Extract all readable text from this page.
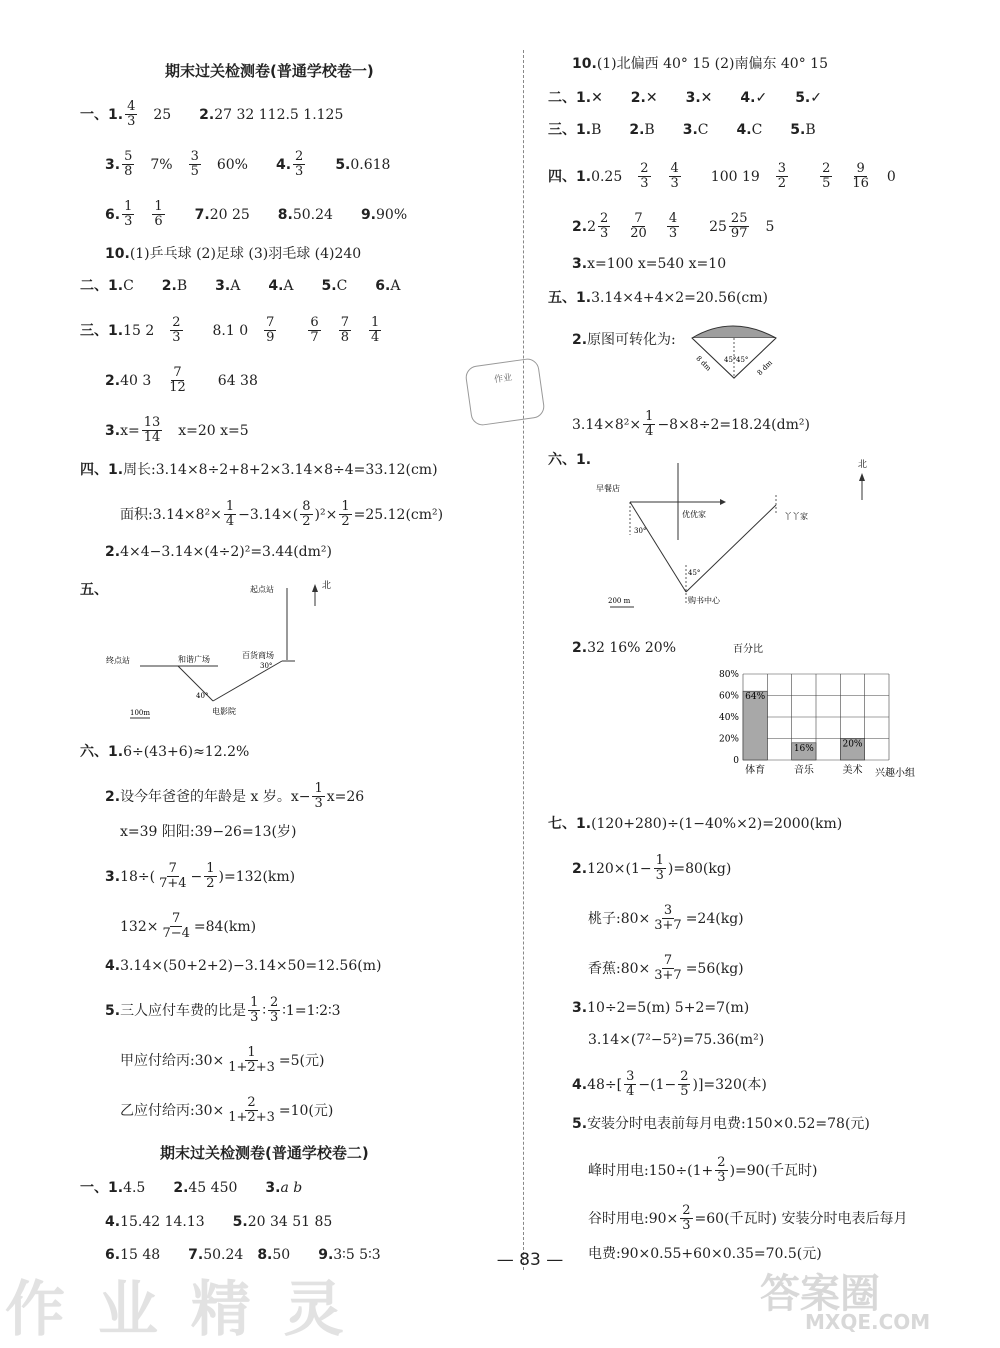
期末过关检测卷(普通学校卷一)
一、1. $\frac{4}{3} 25$ 2. 27 32 112.5 1.125
3. $\frac{5}{8} 7\% \frac{3}{5} 60\%$ 4. $\frac{2}{3} 5$. 0.618
6. $\frac{1}{3} \frac{1}{6} 7$. 20 25 8. 50.24 9. 90%
10. (1)乒乓球 (2)足球 (3)羽毛球 (4)240
二、1. C 2. B 3. A 4. A 5. C 6. A
三、1. 15 $2 \frac{2}{3} 8.1$ $0 \frac{7}{9} \frac{6}{7} \frac{7}{8} \frac{1}{4}$
2. 40 $3 \frac{7}{12} 64$ 38
3. $x= \frac{13}{14} x=20$ x=5
四、1. 周长:3.14×8÷2+8+2×3.14×8÷4=33.12(cm)
面积:3.14×8²× $\frac{1}{4} -3.14\times( \frac{8}{2} )^2\times \frac{1}{2} =25.12(cm^2)$
2. 4×4−3.14×(4÷2)²=3.44(dm²)
五、	起点站	北
终点站	和谐广场	百货商场
电影院
30°
40°
100m
六、1. 6÷(43+6)≈12.2%
2. 设今年爸爸的年龄是 x 岁。$x- \frac{1}{3} x=26$
x=39 阳阳:39−26=13(岁)
3. $18\div( \frac{7}{7+4} - \frac{1}{2} )=132(km)$
$132\times \frac{7}{7-4} =84(km)$
4. 3.14×(50+2+2)−3.14×50=12.56(m)
5. 三人应付车费的比是 $\frac{1}{3}$ ∶ $\frac{2}{3}$ ∶1=1∶2∶3
甲应付给丙:30× $\frac{1}{1+2+3} =5$(元)
乙应付给丙:30× $\frac{2}{1+2+3} =10$(元)
期末过关检测卷(普通学校卷二)
一、1. 4.5 2. 45 450 3. a b
4. 15.42 14.13 5. 20 34 51 85
6. 15 48 7. 50.24 8. 50 9. 3∶5 5∶3
作业
10. (1)北偏西 40° 15 (2)南偏东 40° 15
二、1. ✕ 2. ✕ 3. ✕ 4. ✓ 5. ✓
三、1. B 2. B 3. C 4. C 5. B
四、1. $0.25 \frac{2}{3} \frac{4}{3} 100$ $19 \frac{3}{2} \frac{2}{5} \frac{9}{16} 0$
2. $2 \frac{2}{3} \frac{7}{20} \frac{4}{3} 25 \frac{25}{97} 5$
3. x=100 x=540 x=10
五、1. 3.14×4+4×2=20.56(cm)
2. 原图可转化为:
45° 45°
8 dm	8 dm
$3.14\times 8^2\times \frac{1}{4} -8\times 8\div 2=18.24(dm^2)$
六、1.	北
早餐店
优优家	丫丫家
购书中心
30°
45°
200 m
2. 32 16% 20%	百分比
兴趣小组
0
20%
40%
60%
80%
64%
体育
16%
音乐
20%
美术
七、1. (120+280)÷(1−40%×2)=2000(km)
2. $120\times(1- \frac{1}{3} )=80(kg)$
桃子:80× $\frac{3}{3+7} =24(kg)$
香蕉:80× $\frac{7}{3+7} =56(kg)$
3. 10÷2=5(m) 5+2=7(m)
3.14×(7²−5²)=75.36(m²)
4. $48\div[ \frac{3}{4} -(1- \frac{2}{5} )]=320$(本)
5. 安装分时电表前每月电费:150×0.52=78(元)
峰时用电:150÷(1+ $\frac{2}{3} )=90$(千瓦时)
谷时用电:90× $\frac{2}{3} =60$(千瓦时) 安装分时电表后每月
电费:90×0.55+60×0.35=70.5(元)
— 83 —
作 业 精 灵	答案圈
MXQE.COM
